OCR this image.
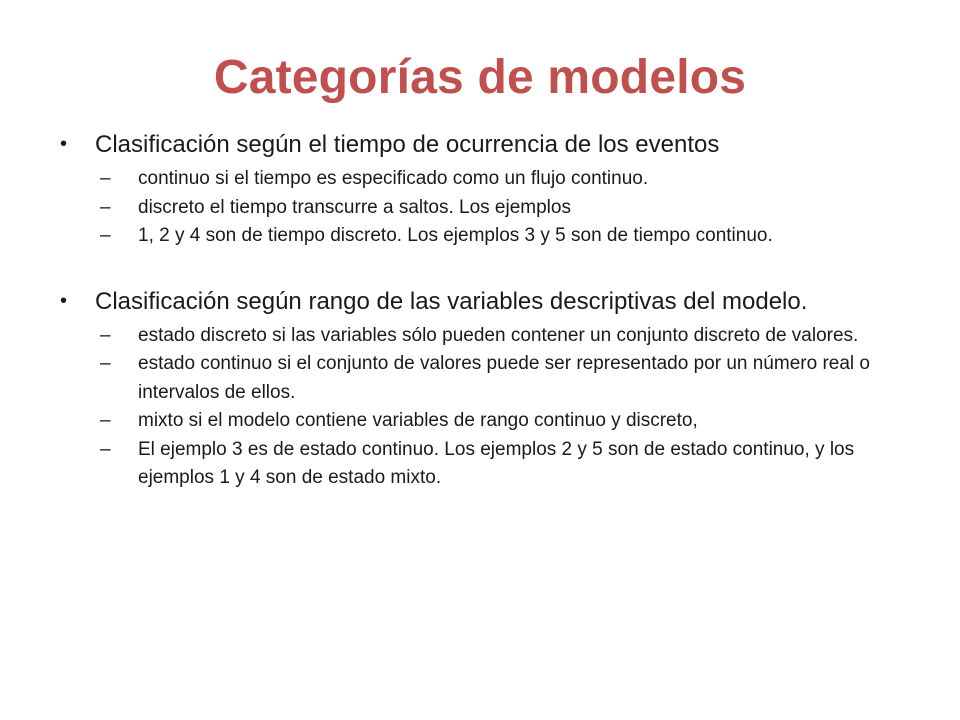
Categorías de modelos
• Clasificación según el tiempo de ocurrencia de los eventos
– continuo si el tiempo es especificado como un flujo continuo.
– discreto el tiempo transcurre a saltos. Los ejemplos
– 1, 2 y 4 son de tiempo discreto. Los ejemplos 3 y 5 son de tiempo continuo.
• Clasificación según rango de las variables descriptivas del modelo.
– estado discreto si las variables sólo pueden contener un conjunto discreto de valores.
– estado continuo si el conjunto de valores puede ser representado por un número real o intervalos de ellos.
– mixto si el modelo contiene variables de rango continuo y discreto,
– El ejemplo 3 es de estado continuo. Los ejemplos 2 y 5 son de estado continuo, y los ejemplos 1 y 4 son de estado mixto.
